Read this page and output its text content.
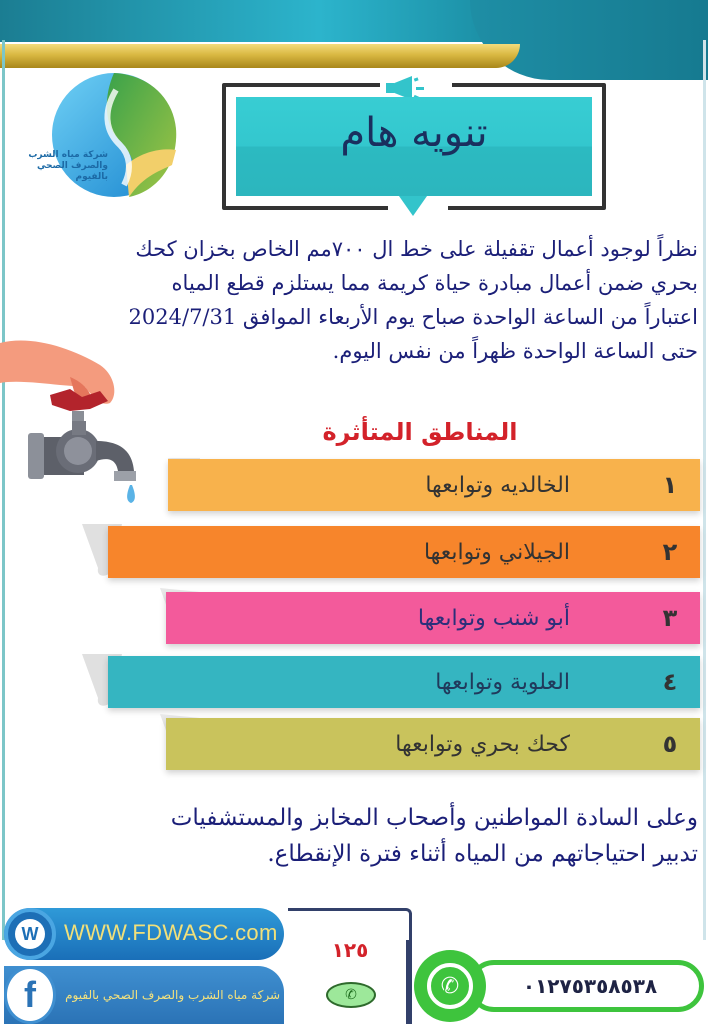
شركة مياه الشرب
والصرف الصحي بالفيوم
تنويه هام
نظراً لوجود أعمال تقفيلة على خط ال ٧٠٠مم الخاص بخزان كحك
بحري ضمن أعمال مبادرة حياة كريمة مما يستلزم قطع المياه
اعتباراً من الساعة الواحدة صباح يوم الأربعاء الموافق 2024/7/31
حتى الساعة الواحدة ظهراً من نفس اليوم.
المناطق المتأثرة
١
الخالديه وتوابعها
٢
الجيلاني وتوابعها
٣
أبو شنب وتوابعها
٤
العلوية وتوابعها
٥
كحك بحري وتوابعها
وعلى السادة المواطنين وأصحاب المخابز والمستشفيات
تدبير احتياجاتهم من المياه أثناء فترة الإنقطاع.
W WWW.FDWASC.com
f	شركة مياه الشرب والصرف الصحي بالفيوم
١٢٥
✆	✆	٠١٢٧٥٣٥٨٥٣٨
